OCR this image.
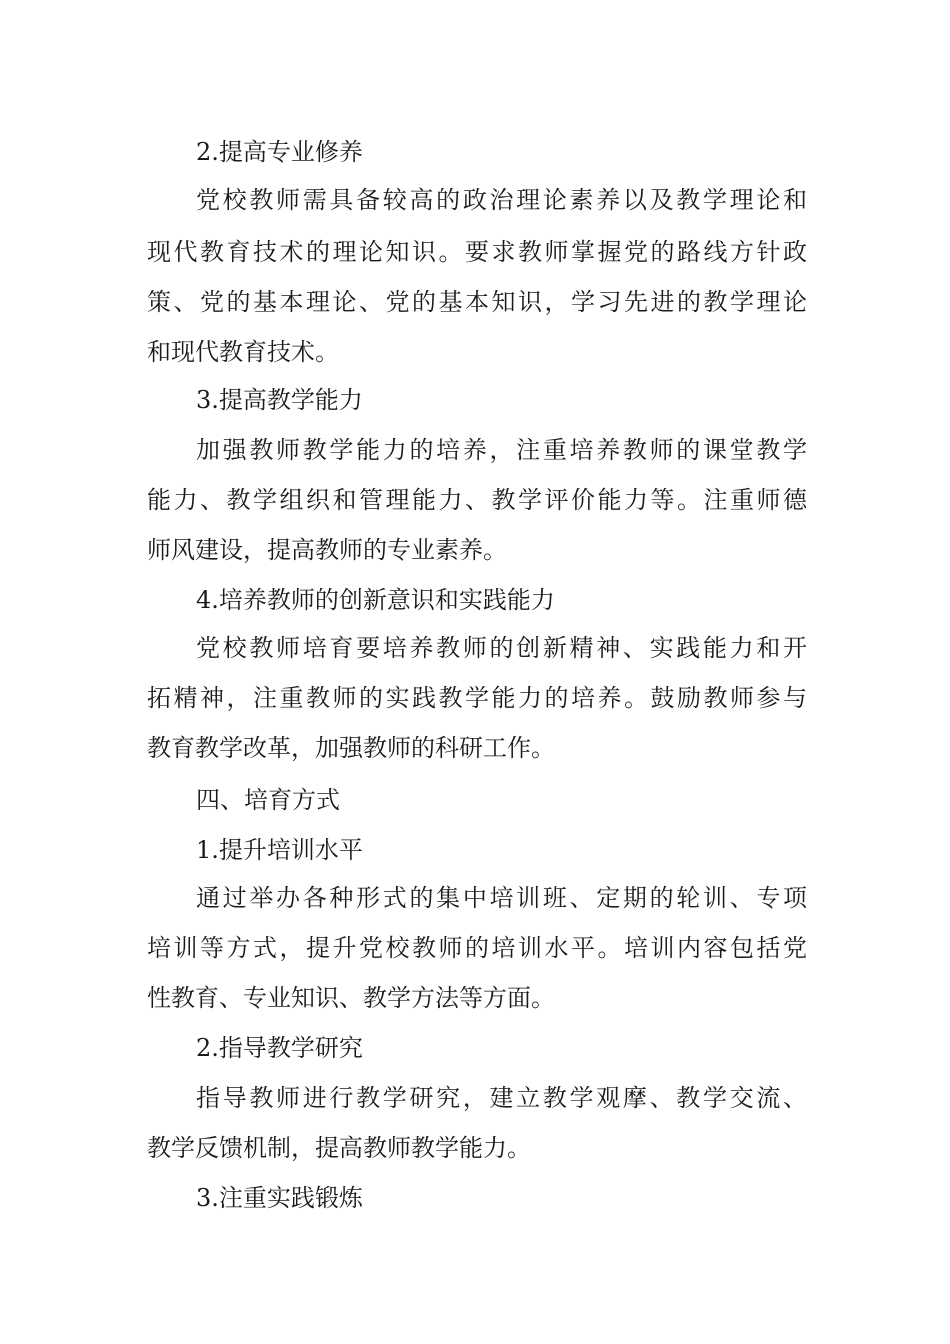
2.提高专业修养
党校教师需具备较高的政治理论素养以及教学理论和
现代教育技术的理论知识。要求教师掌握党的路线方针政
策、党的基本理论、党的基本知识，学习先进的教学理论
和现代教育技术。
3.提高教学能力
加强教师教学能力的培养，注重培养教师的课堂教学
能力、教学组织和管理能力、教学评价能力等。注重师德
师风建设，提高教师的专业素养。
4.培养教师的创新意识和实践能力
党校教师培育要培养教师的创新精神、实践能力和开
拓精神，注重教师的实践教学能力的培养。鼓励教师参与
教育教学改革，加强教师的科研工作。
四、培育方式
1.提升培训水平
通过举办各种形式的集中培训班、定期的轮训、专项
培训等方式，提升党校教师的培训水平。培训内容包括党
性教育、专业知识、教学方法等方面。
2.指导教学研究
指导教师进行教学研究，建立教学观摩、教学交流、
教学反馈机制，提高教师教学能力。
3.注重实践锻炼
